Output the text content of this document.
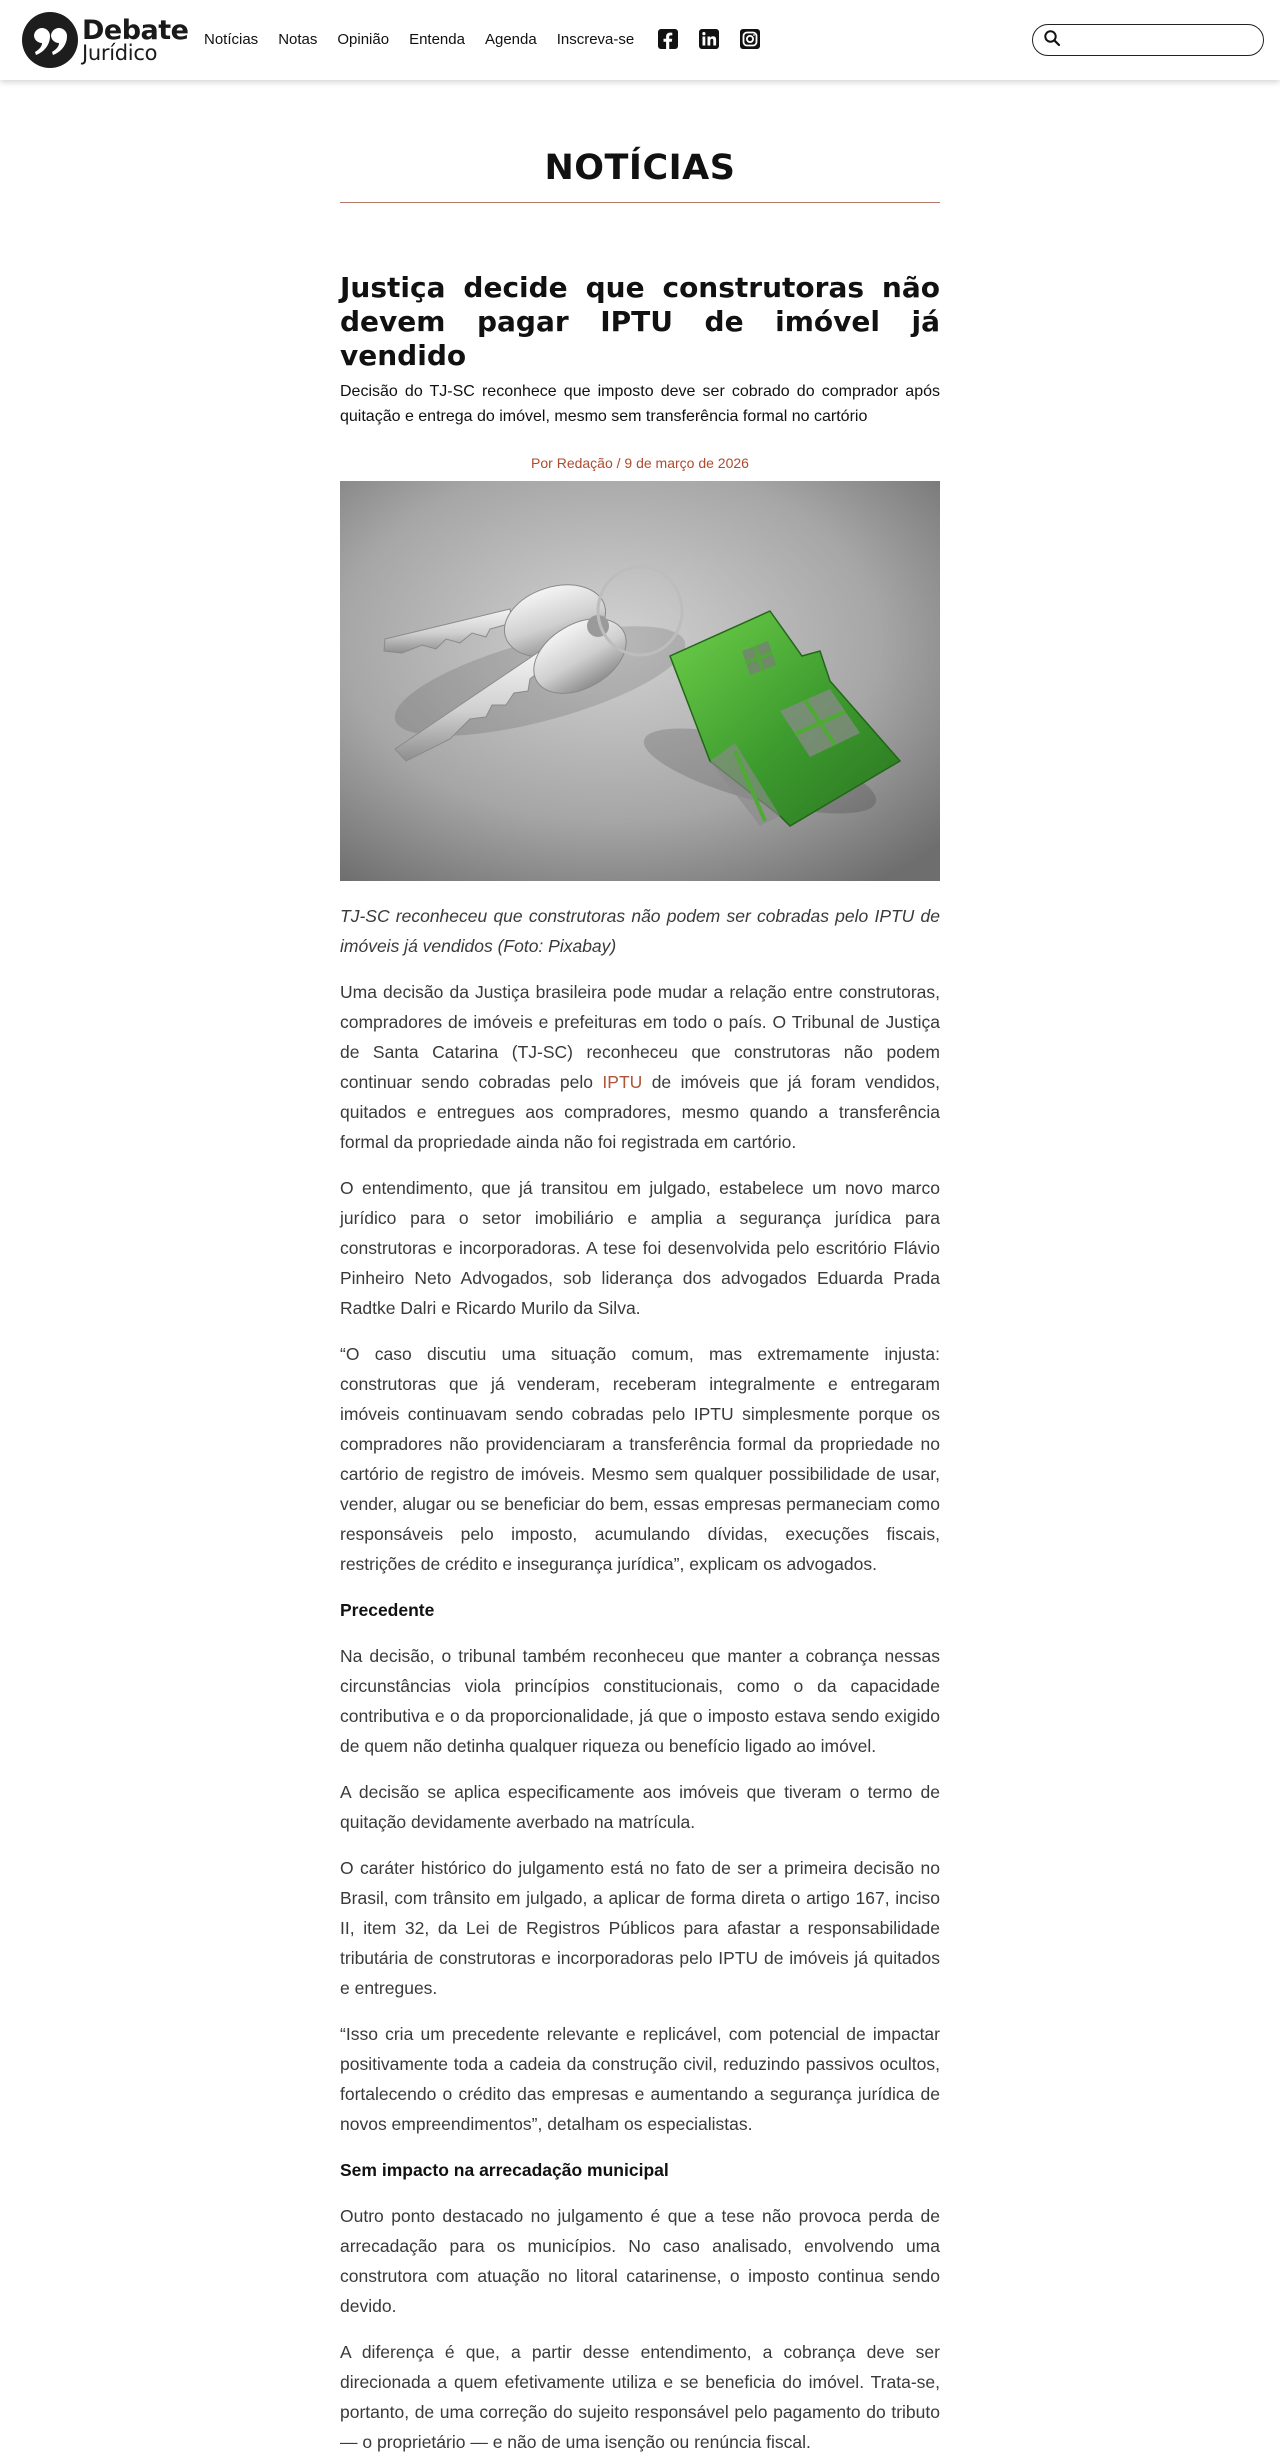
Debate
Jurídico
Notícias Notas Opinião Entenda Agenda Inscreva-se
NOTÍCIAS
Justiça decide que construtoras não devem pagar IPTU de imóvel já vendido

Decisão do TJ-SC reconhece que imposto deve ser cobrado do comprador após quitação e entrega do imóvel, mesmo sem transferência formal no cartório

Por Redação / 9 de março de 2026

TJ-SC reconheceu que construtoras não podem ser cobradas pelo IPTU de imóveis já vendidos (Foto: Pixabay)

Uma decisão da Justiça brasileira pode mudar a relação entre construtoras, compradores de imóveis e prefeituras em todo o país. O Tribunal de Justiça de Santa Catarina (TJ-SC) reconheceu que construtoras não podem continuar sendo cobradas pelo IPTU de imóveis que já foram vendidos, quitados e entregues aos compradores, mesmo quando a transferência formal da propriedade ainda não foi registrada em cartório.

O entendimento, que já transitou em julgado, estabelece um novo marco jurídico para o setor imobiliário e amplia a segurança jurídica para construtoras e incorporadoras. A tese foi desenvolvida pelo escritório Flávio Pinheiro Neto Advogados, sob liderança dos advogados Eduarda Prada Radtke Dalri e Ricardo Murilo da Silva.

“O caso discutiu uma situação comum, mas extremamente injusta: construtoras que já venderam, receberam integralmente e entregaram imóveis continuavam sendo cobradas pelo IPTU simplesmente porque os compradores não providenciaram a transferência formal da propriedade no cartório de registro de imóveis. Mesmo sem qualquer possibilidade de usar, vender, alugar ou se beneficiar do bem, essas empresas permaneciam como responsáveis pelo imposto, acumulando dívidas, execuções fiscais, restrições de crédito e insegurança jurídica”, explicam os advogados.

Precedente

Na decisão, o tribunal também reconheceu que manter a cobrança nessas circunstâncias viola princípios constitucionais, como o da capacidade contributiva e o da proporcionalidade, já que o imposto estava sendo exigido de quem não detinha qualquer riqueza ou benefício ligado ao imóvel.

A decisão se aplica especificamente aos imóveis que tiveram o termo de quitação devidamente averbado na matrícula.

O caráter histórico do julgamento está no fato de ser a primeira decisão no Brasil, com trânsito em julgado, a aplicar de forma direta o artigo 167, inciso II, item 32, da Lei de Registros Públicos para afastar a responsabilidade tributária de construtoras e incorporadoras pelo IPTU de imóveis já quitados e entregues.

“Isso cria um precedente relevante e replicável, com potencial de impactar positivamente toda a cadeia da construção civil, reduzindo passivos ocultos, fortalecendo o crédito das empresas e aumentando a segurança jurídica de novos empreendimentos”, detalham os especialistas.

Sem impacto na arrecadação municipal

Outro ponto destacado no julgamento é que a tese não provoca perda de arrecadação para os municípios. No caso analisado, envolvendo uma construtora com atuação no litoral catarinense, o imposto continua sendo devido.

A diferença é que, a partir desse entendimento, a cobrança deve ser direcionada a quem efetivamente utiliza e se beneficia do imóvel. Trata-se, portanto, de uma correção do sujeito responsável pelo pagamento do tributo — o proprietário — e não de uma isenção ou renúncia fiscal.
